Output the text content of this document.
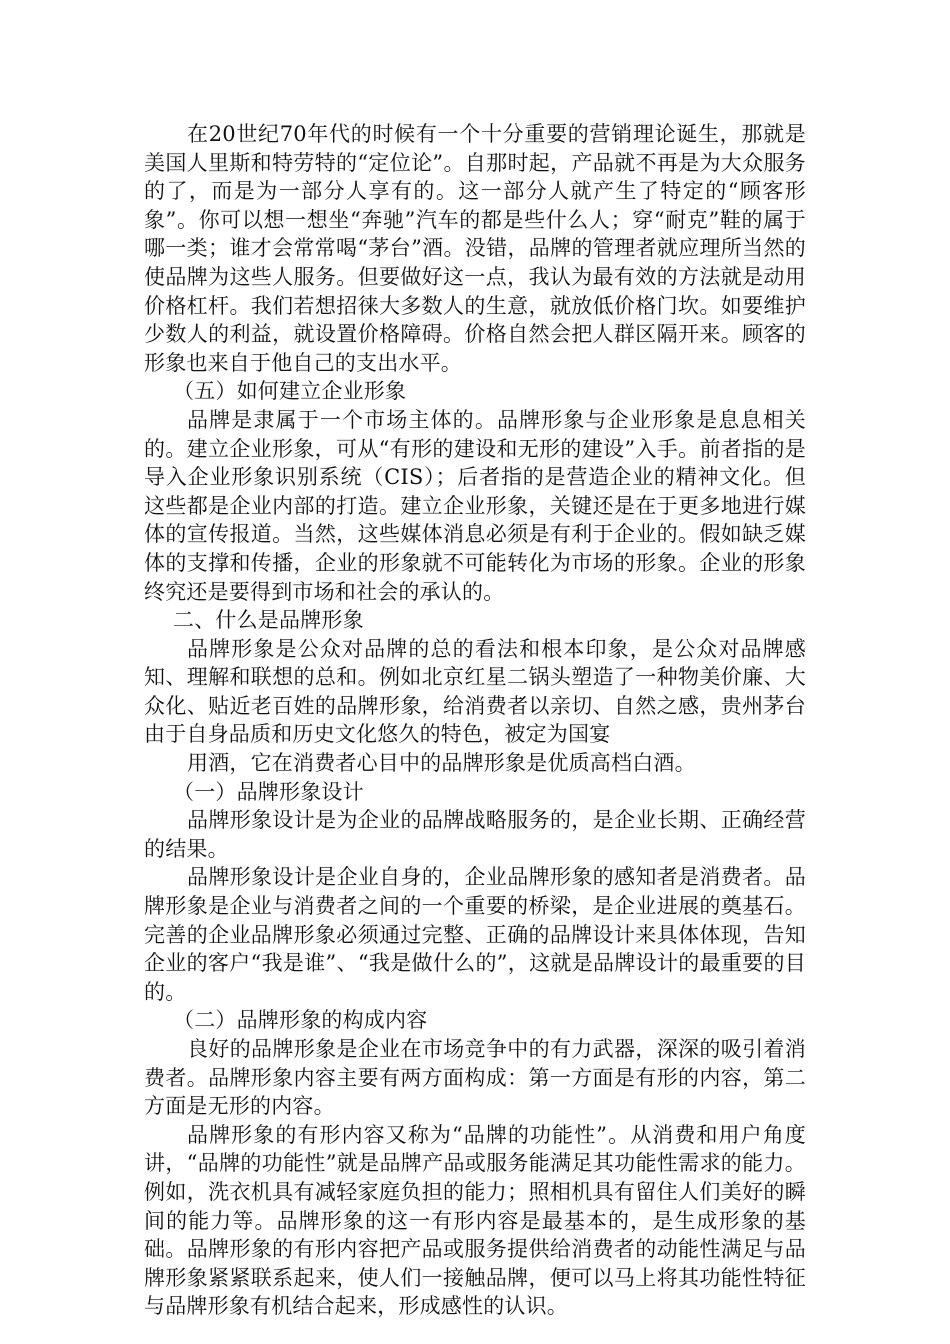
在20世纪70年代的时候有一个十分重要的营销理论诞生，那就是美国人里斯和特劳特的“定位论”。自那时起，产品就不再是为大众服务的了，而是为一部分人享有的。这一部分人就产生了特定的“顾客形象”。你可以想一想坐“奔驰”汽车的都是些什么人；穿“耐克”鞋的属于哪一类；谁才会常常喝“茅台”酒。没错，品牌的管理者就应理所当然的使品牌为这些人服务。但要做好这一点，我认为最有效的方法就是动用价格杠杆。我们若想招徕大多数人的生意，就放低价格门坎。如要维护少数人的利益，就设置价格障碍。价格自然会把人群区隔开来。顾客的形象也来自于他自己的支出水平。

（五）如何建立企业形象

品牌是隶属于一个市场主体的。品牌形象与企业形象是息息相关的。建立企业形象，可从“有形的建设和无形的建设”入手。前者指的是导入企业形象识别系统（CIS）；后者指的是营造企业的精神文化。但这些都是企业内部的打造。建立企业形象，关键还是在于更多地进行媒体的宣传报道。当然，这些媒体消息必须是有利于企业的。假如缺乏媒体的支撑和传播，企业的形象就不可能转化为市场的形象。企业的形象终究还是要得到市场和社会的承认的。

二、什么是品牌形象

品牌形象是公众对品牌的总的看法和根本印象，是公众对品牌感知、理解和联想的总和。例如北京红星二锅头塑造了一种物美价廉、大众化、贴近老百姓的品牌形象，给消费者以亲切、自然之感，贵州茅台由于自身品质和历史文化悠久的特色，被定为国宴

用酒，它在消费者心目中的品牌形象是优质高档白酒。

（一）品牌形象设计

品牌形象设计是为企业的品牌战略服务的，是企业长期、正确经营的结果。

品牌形象设计是企业自身的，企业品牌形象的感知者是消费者。品牌形象是企业与消费者之间的一个重要的桥梁，是企业进展的奠基石。完善的企业品牌形象必须通过完整、正确的品牌设计来具体体现，告知企业的客户“我是谁”、“我是做什么的”，这就是品牌设计的最重要的目的。

（二）品牌形象的构成内容

良好的品牌形象是企业在市场竞争中的有力武器，深深的吸引着消费者。品牌形象内容主要有两方面构成：第一方面是有形的内容，第二方面是无形的内容。

品牌形象的有形内容又称为“品牌的功能性”。从消费和用户角度讲，“品牌的功能性”就是品牌产品或服务能满足其功能性需求的能力。例如，洗衣机具有减轻家庭负担的能力；照相机具有留住人们美好的瞬间的能力等。品牌形象的这一有形内容是最基本的，是生成形象的基础。品牌形象的有形内容把产品或服务提供给消费者的动能性满足与品牌形象紧紧联系起来，使人们一接触品牌，便可以马上将其功能性特征与品牌形象有机结合起来，形成感性的认识。
